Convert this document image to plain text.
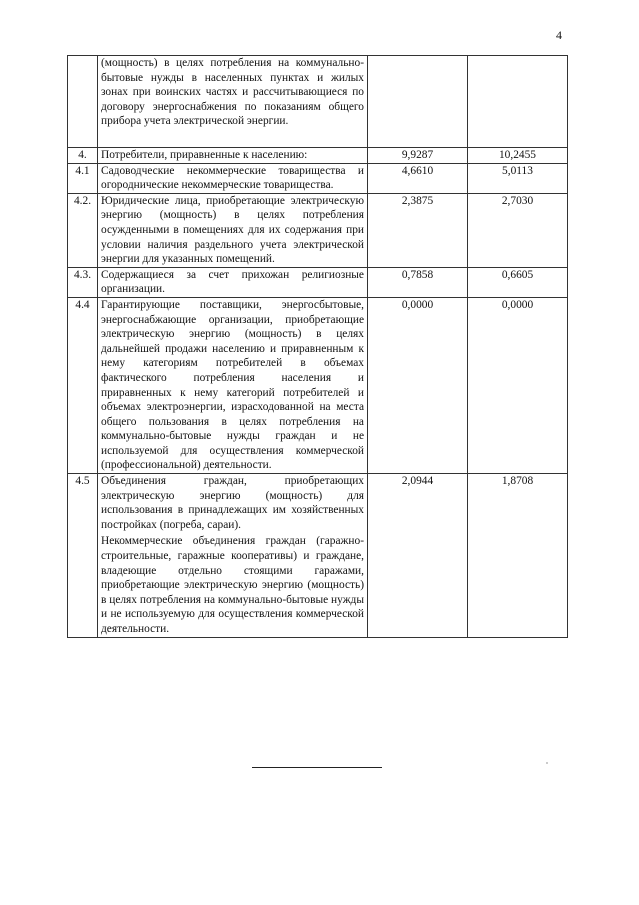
4
	(мощность) в целях потребления на коммунально-бытовые нужды в населенных пунктах и жилых зонах при воинских частях и рассчитывающиеся по договору энергоснабжения по показаниям общего прибора учета электрической энергии.		
4.	Потребители, приравненные к населению:	9,9287	10,2455
4.1	Садоводческие некоммерческие товарищества и огороднические некоммерческие товарищества.	4,6610	5,0113
4.2.	Юридические лица, приобретающие электрическую энергию (мощность) в целях потребления осужденными в помещениях для их содержания при условии наличия раздельного учета электрической энергии для указанных помещений.	2,3875	2,7030
4.3.	Содержащиеся за счет прихожан религиозные организации.	0,7858	0,6605
4.4	Гарантирующие поставщики, энергосбытовые, энергоснабжающие организации, приобретающие электрическую энергию (мощность) в целях дальнейшей продажи населению и приравненным к нему категориям потребителей в объемах фактического потребления населения и приравненных к нему категорий потребителей и объемах электроэнергии, израсходованной на места общего пользования в целях потребления на коммунально-бытовые нужды граждан и не используемой для осуществления коммерческой (профессиональной) деятельности.	0,0000	0,0000
4.5	Объединения граждан, приобретающих электрическую энергию (мощность) для использования в принадлежащих им хозяйственных постройках (погреба, сараи).
Некоммерческие объединения граждан (гаражно-строительные, гаражные кооперативы) и граждане, владеющие отдельно стоящими гаражами, приобретающие электрическую энергию (мощность) в целях потребления на коммунально-бытовые нужды и не используемую для осуществления коммерческой деятельности.	2,0944	1,8708
